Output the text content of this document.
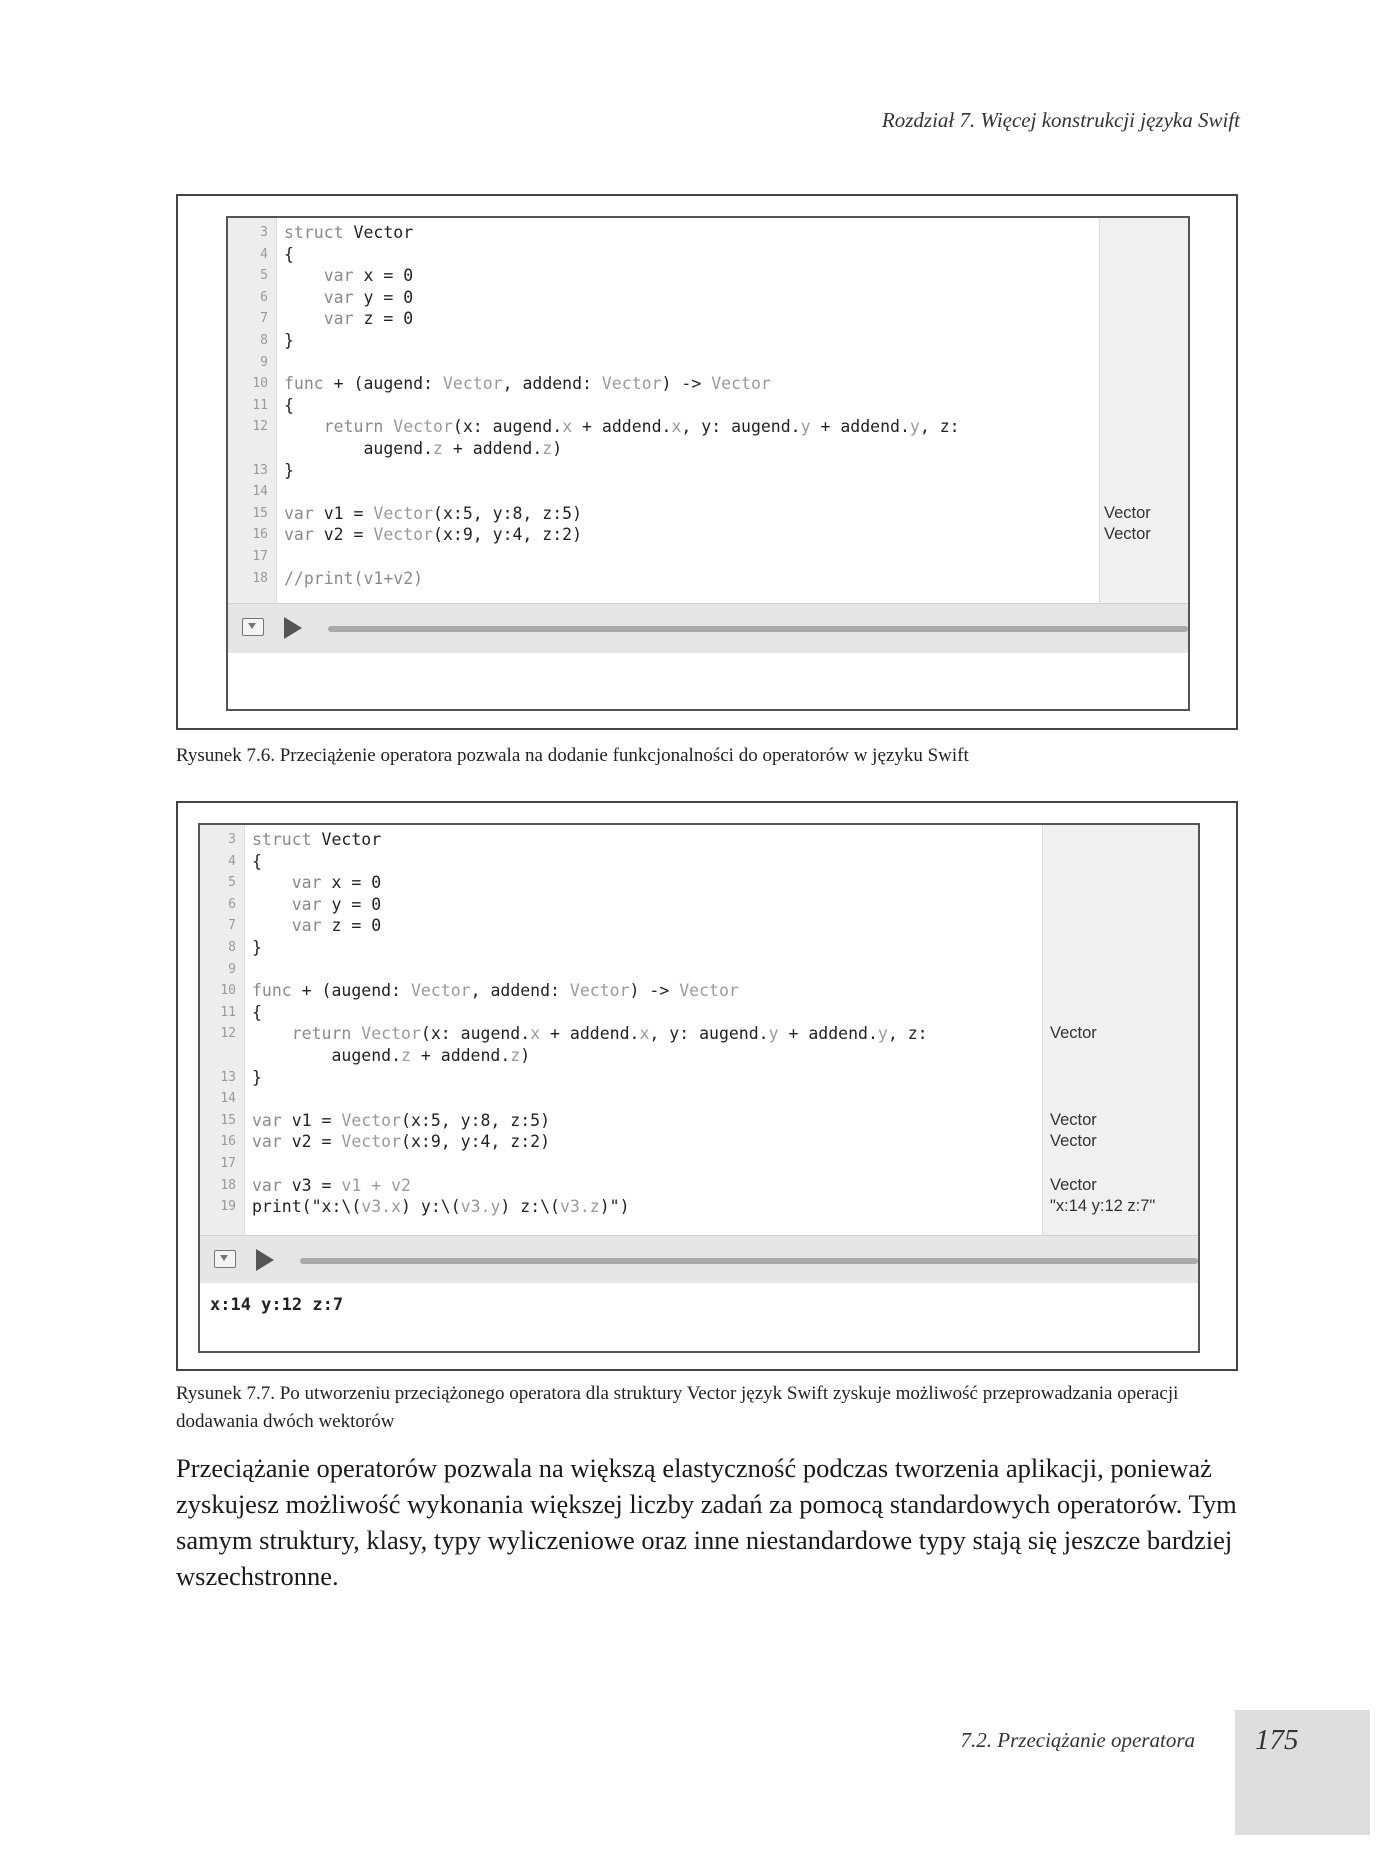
Rozdział 7. Więcej konstrukcji języka Swift
3 struct Vector
4 {
5	var x = 0
6	var y = 0
7	var z = 0
8 }
9
10 func + (augend: Vector, addend: Vector) -> Vector
11 {
12	return Vector(x: augend.x + addend.x, y: augend.y + addend.y, z:
augend.z + addend.z)
13 }
14
15 var v1 = Vector(x:5, y:8, z:5)	Vector
16 var v2 = Vector(x:9, y:4, z:2)	Vector
17
18 //print(v1+v2)
Rysunek 7.6. Przeciążenie operatora pozwala na dodanie funkcjonalności do operatorów w języku Swift
3 struct Vector
4 {
5	var x = 0
6	var y = 0
7	var z = 0
8 }
9
10 func + (augend: Vector, addend: Vector) -> Vector
11 {
12	return Vector(x: augend.x + addend.x, y: augend.y + addend.y, z:	Vector
augend.z + addend.z)
13 }
14
15 var v1 = Vector(x:5, y:8, z:5)	Vector
16 var v2 = Vector(x:9, y:4, z:2)	Vector
17
18 var v3 = v1 + v2	Vector
19 print("x:\(v3.x) y:\(v3.y) z:\(v3.z)")	"x:14 y:12 z:7"
x:14 y:12 z:7
Rysunek 7.7. Po utworzeniu przeciążonego operatora dla struktury Vector język Swift zyskuje możliwość przeprowadzania operacji dodawania dwóch wektorów
Przeciążanie operatorów pozwala na większą elastyczność podczas tworzenia aplikacji, ponieważ zyskujesz możliwość wykonania większej liczby zadań za pomocą standardowych operatorów. Tym samym struktury, klasy, typy wyliczeniowe oraz inne niestandardowe typy stają się jeszcze bardziej wszechstronne.
7.2. Przeciążanie operatora 175
